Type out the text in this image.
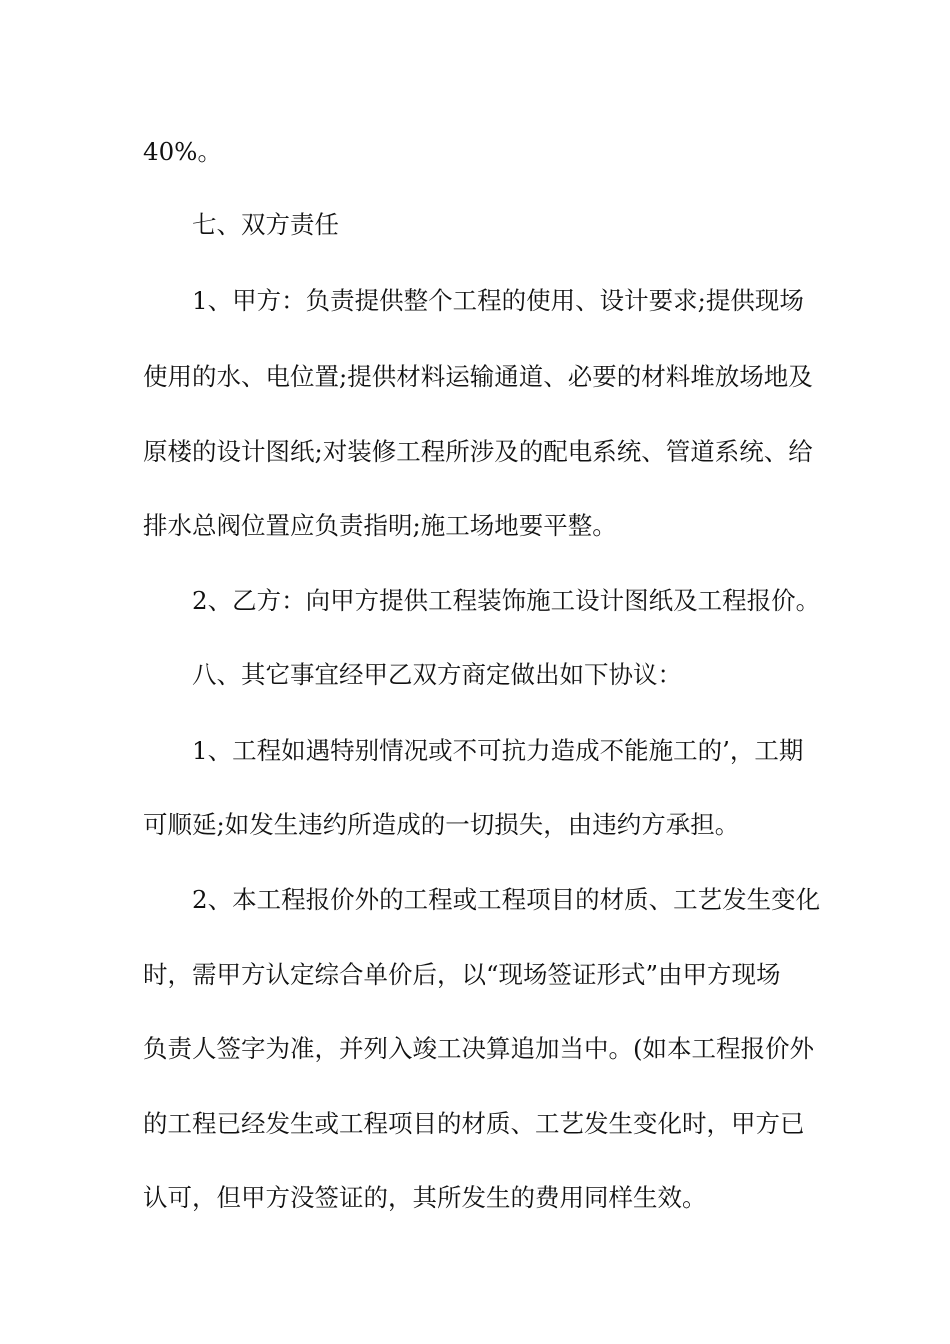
40%。
七、双方责任
1、甲方：负责提供整个工程的使用、设计要求;提供现场
使用的水、电位置;提供材料运输通道、必要的材料堆放场地及
原楼的设计图纸;对装修工程所涉及的配电系统、管道系统、给
排水总阀位置应负责指明;施工场地要平整。
2、乙方：向甲方提供工程装饰施工设计图纸及工程报价。
八、其它事宜经甲乙双方商定做出如下协议：
1、工程如遇特别情况或不可抗力造成不能施工的’，工期
可顺延;如发生违约所造成的一切损失，由违约方承担。
2、本工程报价外的工程或工程项目的材质、工艺发生变化
时，需甲方认定综合单价后，以“现场签证形式”由甲方现场
负责人签字为准，并列入竣工决算追加当中。(如本工程报价外
的工程已经发生或工程项目的材质、工艺发生变化时，甲方已
认可，但甲方没签证的，其所发生的费用同样生效。
